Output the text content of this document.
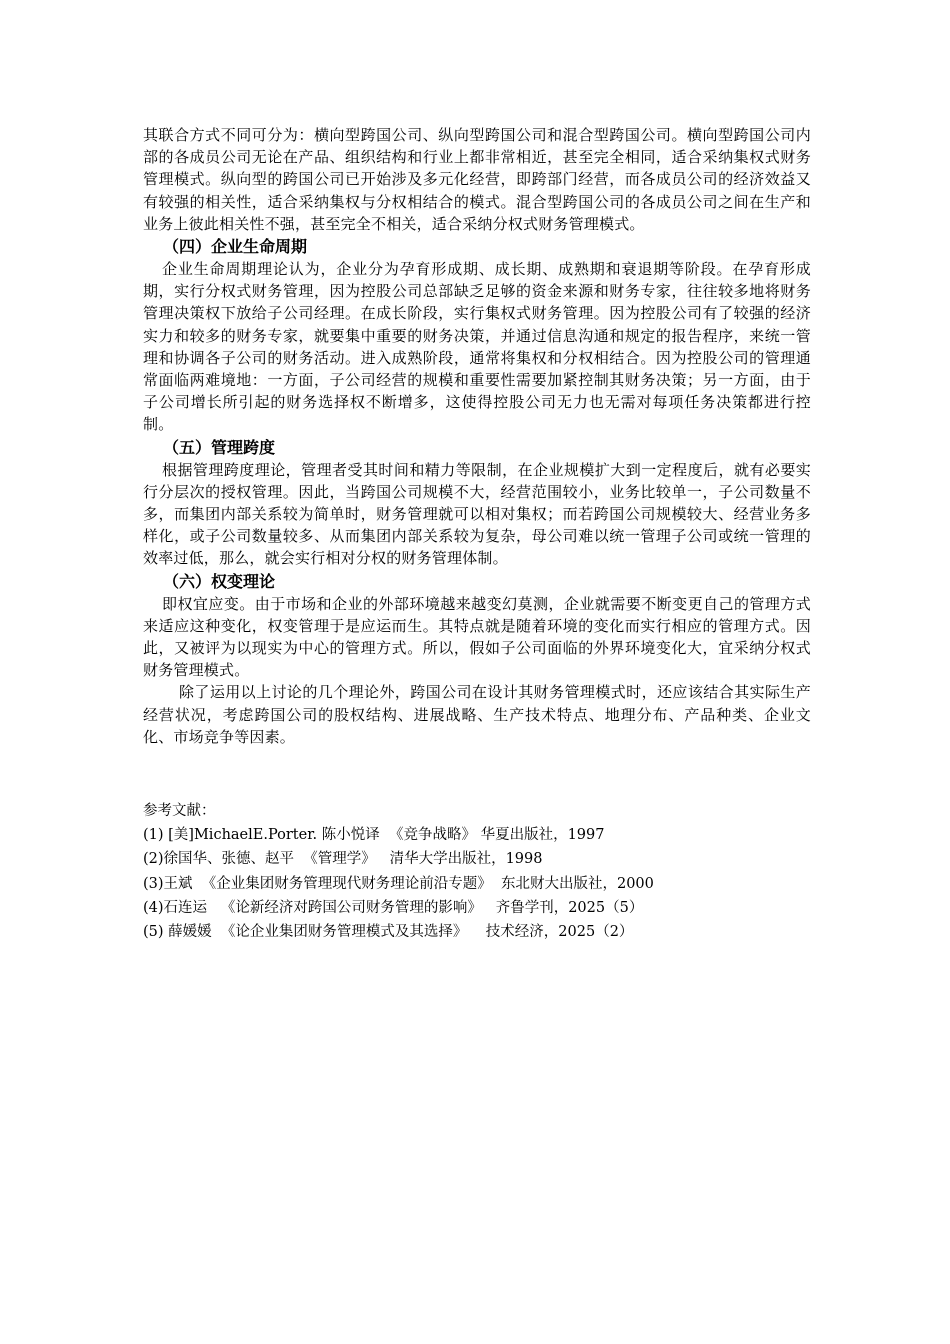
其联合方式不同可分为：横向型跨国公司、纵向型跨国公司和混合型跨国公司。横向型跨国公司内部的各成员公司无论在产品、组织结构和行业上都非常相近，甚至完全相同，适合采纳集权式财务管理模式。纵向型的跨国公司已开始涉及多元化经营，即跨部门经营，而各成员公司的经济效益又有较强的相关性，适合采纳集权与分权相结合的模式。混合型跨国公司的各成员公司之间在生产和业务上彼此相关性不强，甚至完全不相关，适合采纳分权式财务管理模式。

（四）企业生命周期

企业生命周期理论认为，企业分为孕育形成期、成长期、成熟期和衰退期等阶段。在孕育形成期，实行分权式财务管理，因为控股公司总部缺乏足够的资金来源和财务专家，往往较多地将财务管理决策权下放给子公司经理。在成长阶段，实行集权式财务管理。因为控股公司有了较强的经济实力和较多的财务专家，就要集中重要的财务决策，并通过信息沟通和规定的报告程序，来统一管理和协调各子公司的财务活动。进入成熟阶段，通常将集权和分权相结合。因为控股公司的管理通常面临两难境地：一方面，子公司经营的规模和重要性需要加紧控制其财务决策；另一方面，由于子公司增长所引起的财务选择权不断增多，这使得控股公司无力也无需对每项任务决策都进行控制。

（五）管理跨度

根据管理跨度理论，管理者受其时间和精力等限制，在企业规模扩大到一定程度后，就有必要实行分层次的授权管理。因此，当跨国公司规模不大，经营范围较小，业务比较单一，子公司数量不多，而集团内部关系较为简单时，财务管理就可以相对集权；而若跨国公司规模较大、经营业务多样化，或子公司数量较多、从而集团内部关系较为复杂，母公司难以统一管理子公司或统一管理的效率过低，那么，就会实行相对分权的财务管理体制。

（六）权变理论

即权宜应变。由于市场和企业的外部环境越来越变幻莫测，企业就需要不断变更自己的管理方式来适应这种变化，权变管理于是应运而生。其特点就是随着环境的变化而实行相应的管理方式。因此，又被评为以现实为中心的管理方式。所以，假如子公司面临的外界环境变化大，宜采纳分权式财务管理模式。

除了运用以上讨论的几个理论外，跨国公司在设计其财务管理模式时，还应该结合其实际生产经营状况，考虑跨国公司的股权结构、进展战略、生产技术特点、地理分布、产品种类、企业文化、市场竞争等因素。

参考文献：

(1) [美]MichaelE.Porter. 陈小悦译  《竞争战略》 华夏出版社，1997

(2)徐国华、张德、赵平  《管理学》   清华大学出版社，1998

(3)王斌  《企业集团财务管理现代财务理论前沿专题》  东北财大出版社，2000

(4)石连运   《论新经济对跨国公司财务管理的影响》   齐鲁学刊，2025（5）

(5) 薛媛媛  《论企业集团财务管理模式及其选择》    技术经济，2025（2）
